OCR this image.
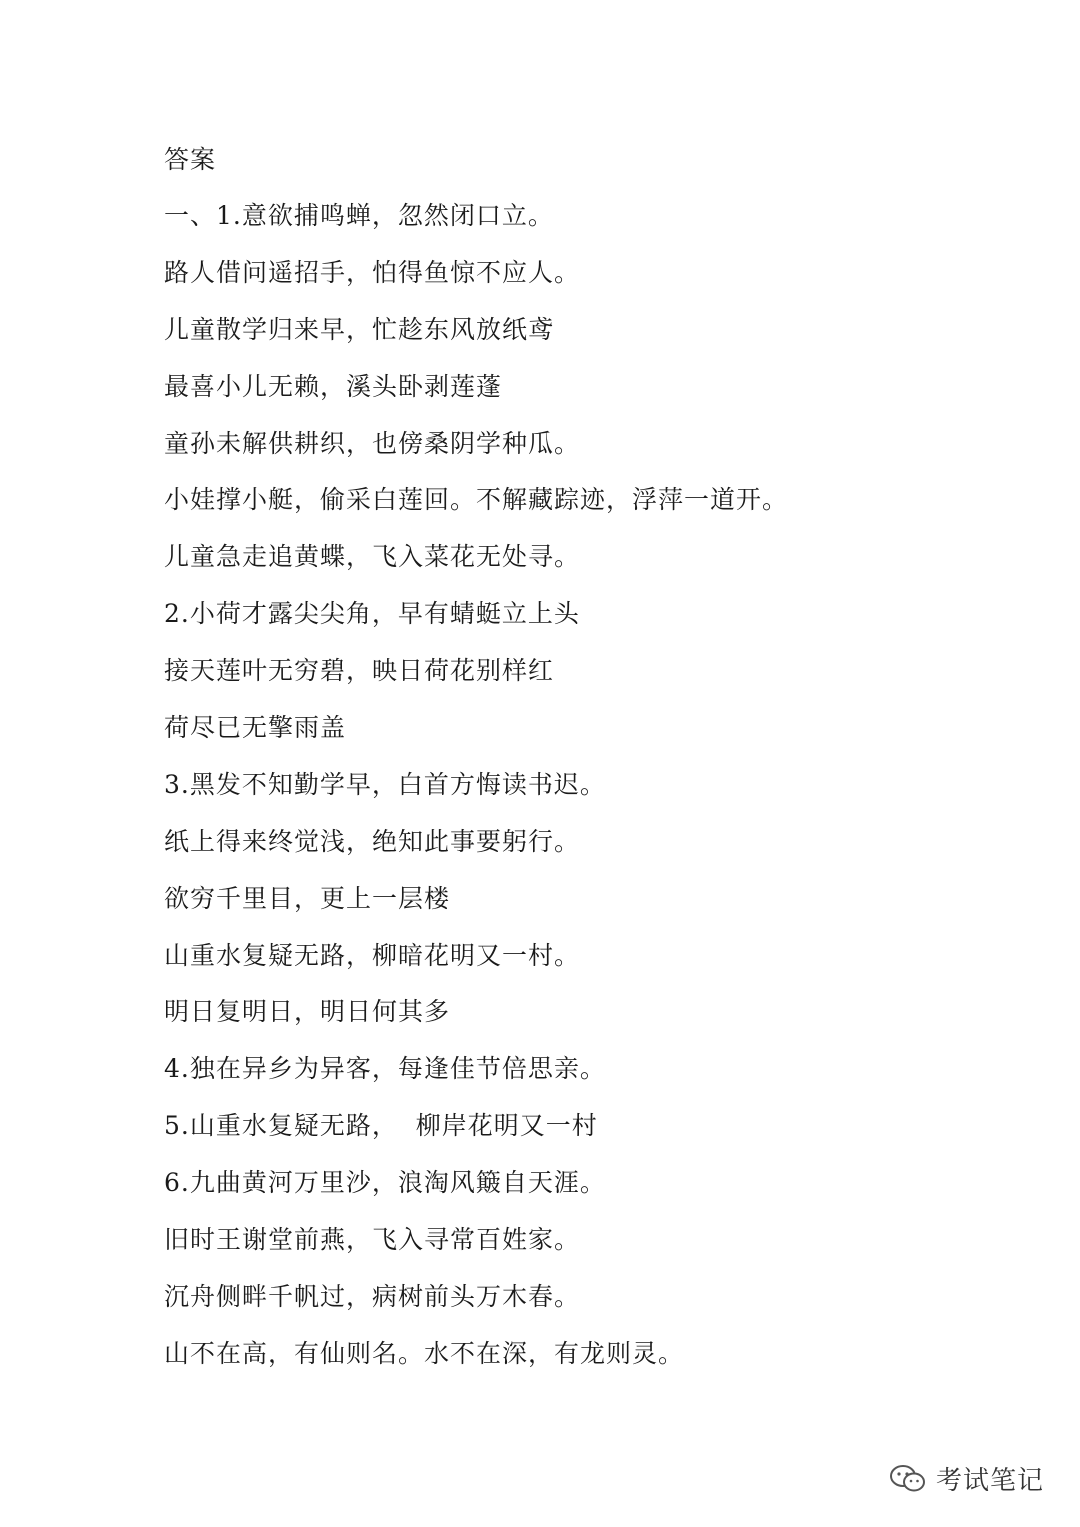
答案
一、1.意欲捕鸣蝉，忽然闭口立。
路人借问遥招手，怕得鱼惊不应人。
儿童散学归来早，忙趁东风放纸鸢
最喜小儿无赖，溪头卧剥莲蓬
童孙未解供耕织，也傍桑阴学种瓜。
小娃撑小艇，偷采白莲回。不解藏踪迹，浮萍一道开。
儿童急走追黄蝶，飞入菜花无处寻。
2.小荷才露尖尖角，早有蜻蜓立上头
接天莲叶无穷碧，映日荷花别样红
荷尽已无擎雨盖
3.黑发不知勤学早，白首方悔读书迟。
纸上得来终觉浅，绝知此事要躬行。
欲穷千里目，更上一层楼
山重水复疑无路，柳暗花明又一村。
明日复明日，明日何其多
4.独在异乡为异客，每逢佳节倍思亲。
5.山重水复疑无路，  柳岸花明又一村
6.九曲黄河万里沙，浪淘风簸自天涯。
旧时王谢堂前燕，飞入寻常百姓家。
沉舟侧畔千帆过，病树前头万木春。
山不在高，有仙则名。水不在深，有龙则灵。
考试笔记
